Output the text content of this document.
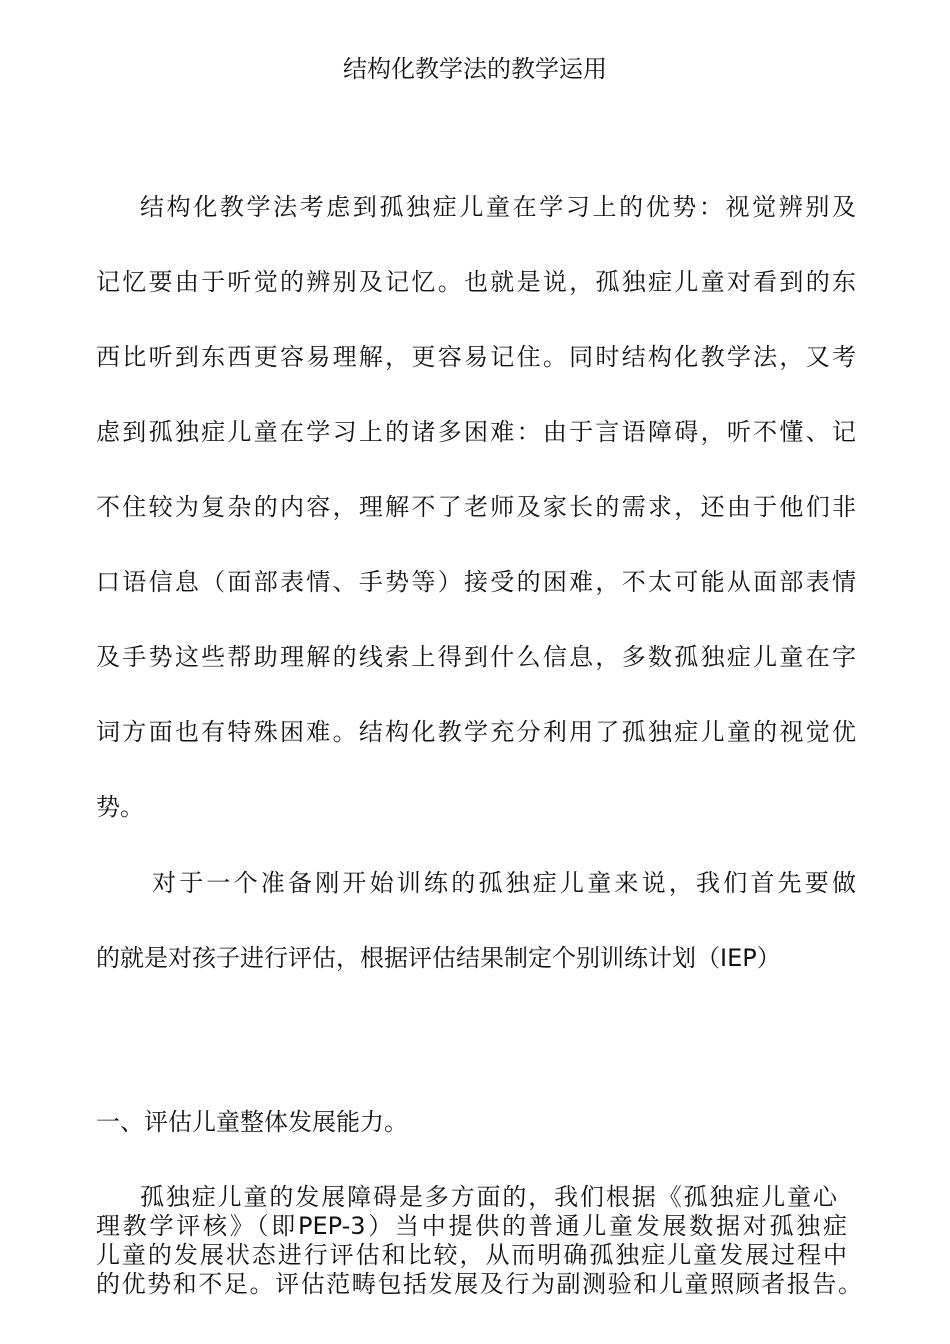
结构化教学法的教学运用
结构化教学法考虑到孤独症儿童在学习上的优势：视觉辨别及
记忆要由于听觉的辨别及记忆。也就是说，孤独症儿童对看到的东
西比听到东西更容易理解，更容易记住。同时结构化教学法，又考
虑到孤独症儿童在学习上的诸多困难：由于言语障碍，听不懂、记
不住较为复杂的内容，理解不了老师及家长的需求，还由于他们非
口语信息（面部表情、手势等）接受的困难，不太可能从面部表情
及手势这些帮助理解的线索上得到什么信息，多数孤独症儿童在字
词方面也有特殊困难。结构化教学充分利用了孤独症儿童的视觉优
势。
对于一个准备刚开始训练的孤独症儿童来说，我们首先要做
的就是对孩子进行评估，根据评估结果制定个别训练计划（IEP）
一、评估儿童整体发展能力。
孤独症儿童的发展障碍是多方面的，我们根据《孤独症儿童心
理教学评核》（即PEP-3）当中提供的普通儿童发展数据对孤独症
儿童的发展状态进行评估和比较，从而明确孤独症儿童发展过程中
的优势和不足。评估范畴包括发展及行为副测验和儿童照顾者报告。
